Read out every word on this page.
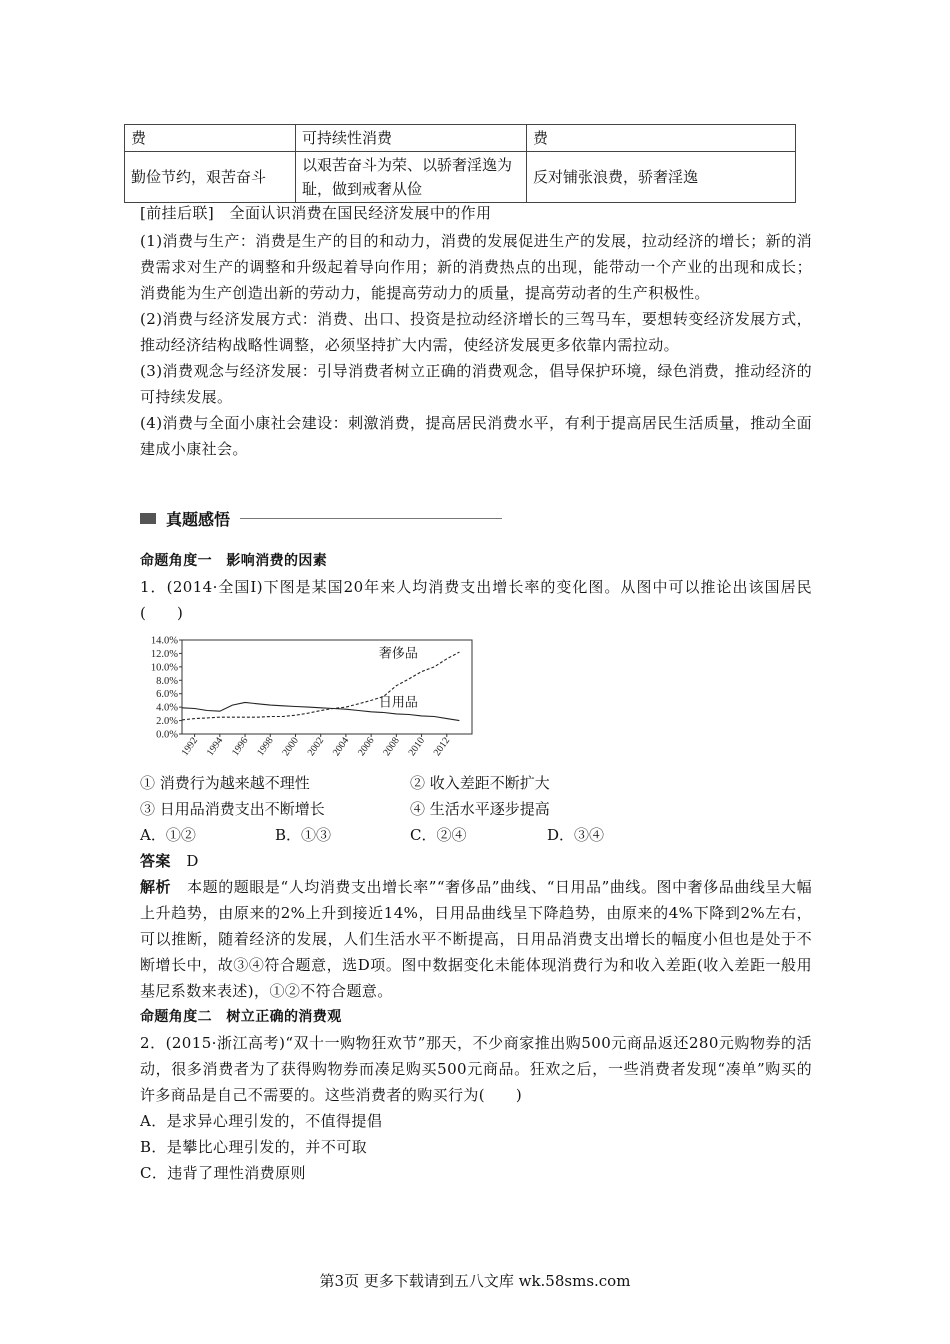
费	可持续性消费	费
勤俭节约，艰苦奋斗	以艰苦奋斗为荣、以骄奢淫逸为耻，做到戒奢从俭	反对铺张浪费，骄奢淫逸

[前挂后联] 全面认识消费在国民经济发展中的作用

(1)消费与生产：消费是生产的目的和动力，消费的发展促进生产的发展，拉动经济的增长；新的消费需求对生产的调整和升级起着导向作用；新的消费热点的出现，能带动一个产业的出现和成长；消费能为生产创造出新的劳动力，能提高劳动力的质量，提高劳动者的生产积极性。

(2)消费与经济发展方式：消费、出口、投资是拉动经济增长的三驾马车，要想转变经济发展方式，推动经济结构战略性调整，必须坚持扩大内需，使经济发展更多依靠内需拉动。

(3)消费观念与经济发展：引导消费者树立正确的消费观念，倡导保护环境，绿色消费，推动经济的可持续发展。

(4)消费与全面小康社会建设：刺激消费，提高居民消费水平，有利于提高居民生活质量，推动全面建成小康社会。

真题感悟
命题角度一　影响消费的因素

1．(2014·全国I)下图是某国20年来人均消费支出增长率的变化图。从图中可以推论出该国居民(　　)

0.0%
2.0%
4.0%
6.0%
8.0%
10.0%
12.0%
14.0%
1992 1994 1996 1998 2000 2002 2004 2006 2008 2010 2012
奢侈品
日用品
① 消费行为越来越不理性	② 收入差距不断扩大
③ 日用品消费支出不断增长	④ 生活水平逐步提高
A．①②	B．①③	C．②④	D．③④

答案 D

解析 本题的题眼是“人均消费支出增长率”“奢侈品”曲线、“日用品”曲线。图中奢侈品曲线呈大幅上升趋势，由原来的2%上升到接近14%，日用品曲线呈下降趋势，由原来的4%下降到2%左右，可以推断，随着经济的发展，人们生活水平不断提高，日用品消费支出增长的幅度小但也是处于不断增长中，故③④符合题意，选D项。图中数据变化未能体现消费行为和收入差距(收入差距一般用基尼系数来表述)，①②不符合题意。

命题角度二　树立正确的消费观

2．(2015·浙江高考)“双十一购物狂欢节”那天，不少商家推出购500元商品返还280元购物券的活动，很多消费者为了获得购物券而凑足购买500元商品。狂欢之后，一些消费者发现“凑单”购买的许多商品是自己不需要的。这些消费者的购买行为(　　)

A．是求异心理引发的，不值得提倡

B．是攀比心理引发的，并不可取

C．违背了理性消费原则

第3页 更多下载请到五八文库 wk.58sms.com
